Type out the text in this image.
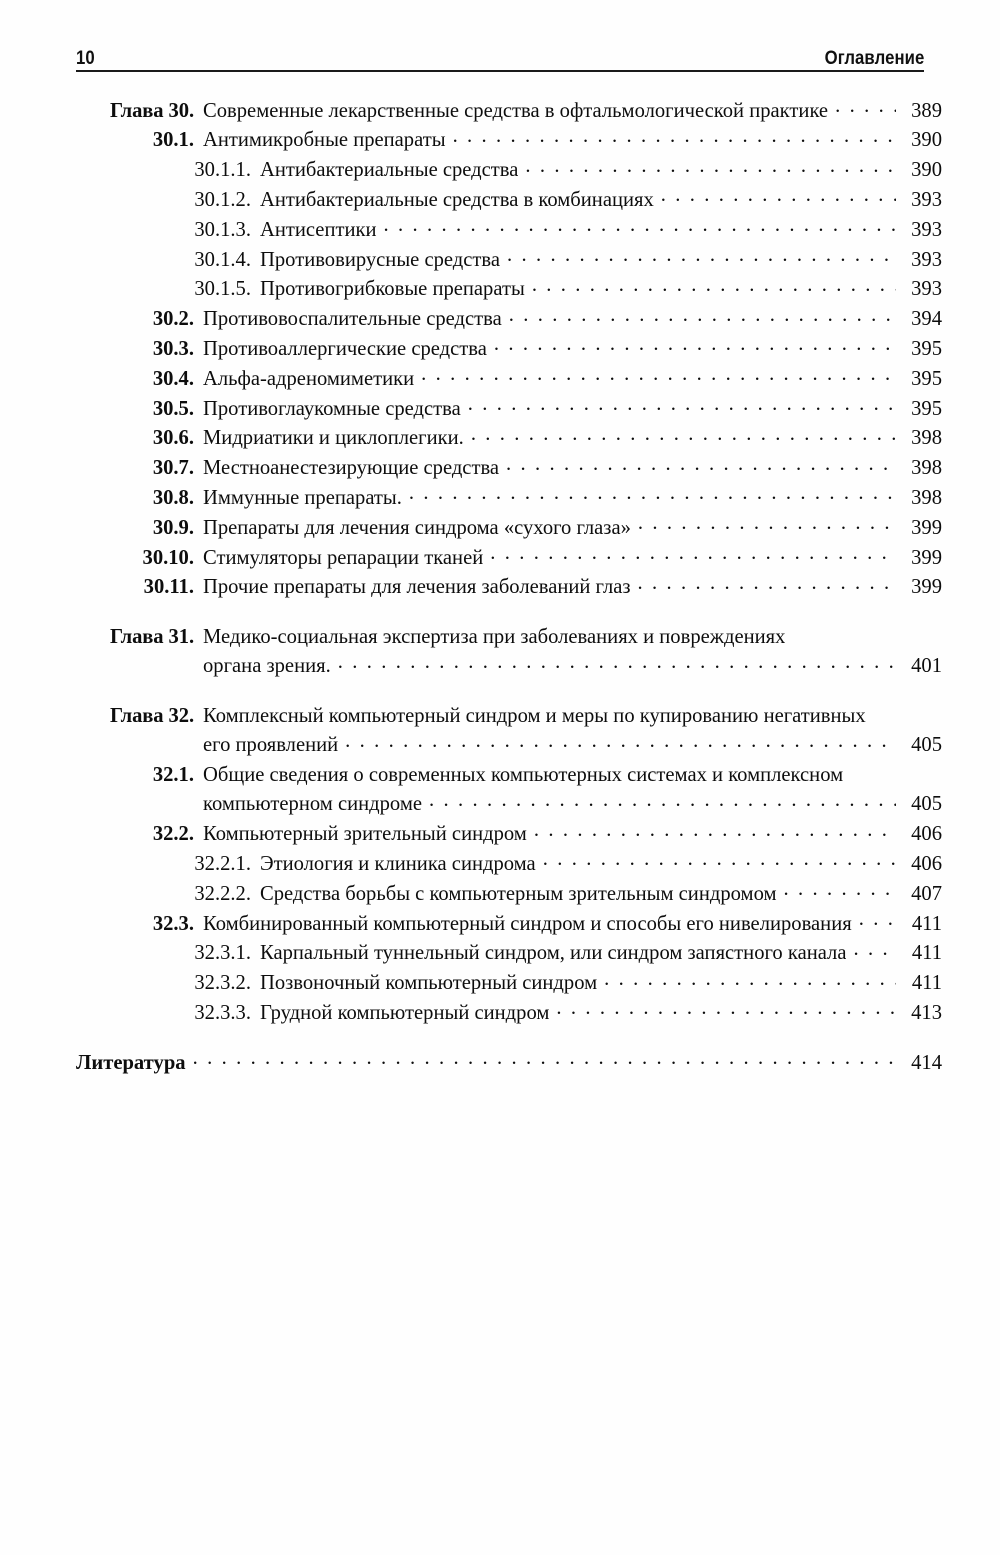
10	Оглавление
Глава 30. Современные лекарственные средства в офтальмологической практике . . .	389
30.1. Антимикробные препараты . . .	390
30.1.1. Антибактериальные средства . . .	390
30.1.2. Антибактериальные средства в комбинациях . . .	393
30.1.3. Антисептики . . .	393
30.1.4. Противовирусные средства . . .	393
30.1.5. Противогрибковые препараты . . .	393
30.2. Противовоспалительные средства . . .	394
30.3. Противоаллергические средства . . .	395
30.4. Альфа-адреномиметики . . .	395
30.5. Противоглаукомные средства . . .	395
30.6. Мидриатики и циклоплегики. . . .	398
30.7. Местноанестезирующие средства . . .	398
30.8. Иммунные препараты. . . .	398
30.9. Препараты для лечения синдрома «сухого глаза» . . .	399
30.10. Стимуляторы репарации тканей . . .	399
30.11. Прочие препараты для лечения заболеваний глаз . . .	399
Глава 31. Медико-социальная экспертиза при заболеваниях и повреждениях
органа зрения. . . .	401
Глава 32. Комплексный компьютерный синдром и меры по купированию негативных
его проявлений . . .	405
32.1. Общие сведения о современных компьютерных системах и комплексном
компьютерном синдроме . . .	405
32.2. Компьютерный зрительный синдром . . .	406
32.2.1. Этиология и клиника синдрома . . .	406
32.2.2. Средства борьбы с компьютерным зрительным синдромом . . .	407
32.3. Комбинированный компьютерный синдром и способы его нивелирования . . .	411
32.3.1. Карпальный туннельный синдром, или синдром запястного канала . . .	411
32.3.2. Позвоночный компьютерный синдром . . .	411
32.3.3. Грудной компьютерный синдром . . .	413
Литература . . .	414
